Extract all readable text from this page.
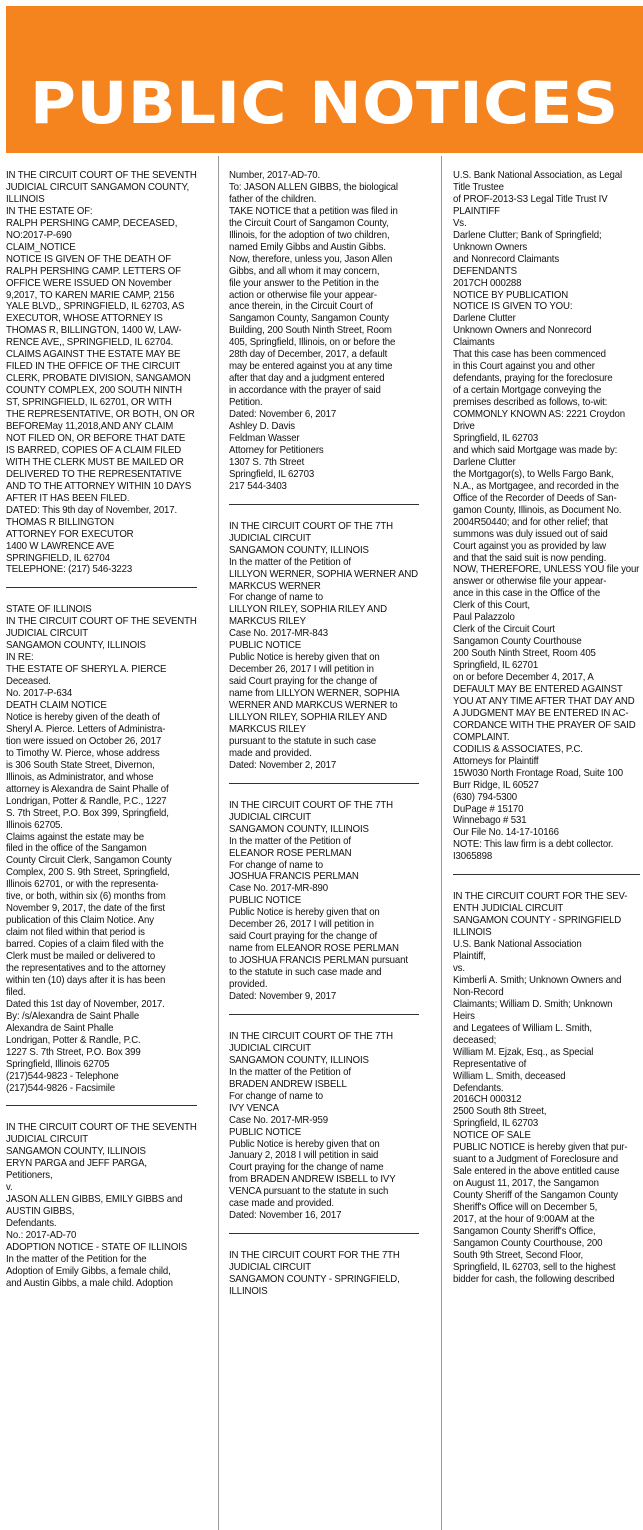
PUBLIC NOTICES

IN THE CIRCUIT COURT OF THE SEVENTH

JUDICIAL CIRCUIT SANGAMON COUNTY,

ILLINOIS

IN THE ESTATE OF:

RALPH PERSHING CAMP, DECEASED,

NO:2017-P-690

CLAIM_NOTICE

NOTICE IS GIVEN OF THE DEATH OF

RALPH PERSHING CAMP. LETTERS OF

OFFICE WERE ISSUED ON November

9,2017, TO KAREN MARIE CAMP, 2156

YALE BLVD,, SPRINGFIELD, IL 62703, AS

EXECUTOR, WHOSE ATTORNEY IS

THOMAS R, BILLINGTON, 1400 W, LAW-

RENCE AVE,, SPRINGFIELD, IL 62704.

CLAIMS AGAINST THE ESTATE MAY BE

FILED IN THE OFFICE OF THE CIRCUIT

CLERK, PROBATE DIVISION, SANGAMON

COUNTY COMPLEX, 200 SOUTH NINTH

ST, SPRINGFIELD, IL 62701, OR WITH

THE REPRESENTATIVE, OR BOTH, ON OR

BEFOREMay 11,2018,AND ANY CLAIM

NOT FILED ON, OR BEFORE THAT DATE

IS BARRED, COPIES OF A CLAIM FILED

WITH THE CLERK MUST BE MAILED OR

DELIVERED TO THE REPRESENTATIVE

AND TO THE ATTORNEY WITHIN 10 DAYS

AFTER IT HAS BEEN FILED.

DATED: This 9th day of November, 2017.

THOMAS R BILLINGTON

ATTORNEY FOR EXECUTOR

1400 W LAWRENCE AVE

SPRINGFIELD, IL 62704

TELEPHONE: (217) 546-3223

STATE OF ILLINOIS

IN THE CIRCUIT COURT OF THE SEVENTH

JUDICIAL CIRCUIT

SANGAMON COUNTY, ILLINOIS

IN RE:

THE ESTATE OF SHERYL A. PIERCE

Deceased.

No. 2017-P-634

DEATH CLAIM NOTICE

Notice is hereby given of the death of

Sheryl A. Pierce. Letters of Administra-

tion were issued on October 26, 2017

to Timothy W. Pierce, whose address

is 306 South State Street, Divernon,

Illinois, as Administrator, and whose

attorney is Alexandra de Saint Phalle of

Londrigan, Potter & Randle, P.C., 1227

S. 7th Street, P.O. Box 399, Springfield,

Illinois 62705.

Claims against the estate may be

filed in the office of the Sangamon

County Circuit Clerk, Sangamon County

Complex, 200 S. 9th Street, Springfield,

Illinois 62701, or with the representa-

tive, or both, within six (6) months from

November 9, 2017, the date of the first

publication of this Claim Notice. Any

claim not filed within that period is

barred. Copies of a claim filed with the

Clerk must be mailed or delivered to

the representatives and to the attorney

within ten (10) days after it is has been

filed.

Dated this 1st day of November, 2017.

By: /s/Alexandra de Saint Phalle

Alexandra de Saint Phalle

Londrigan, Potter & Randle, P.C.

1227 S. 7th Street, P.O. Box 399

Springfield, Illinois 62705

(217)544-9823 - Telephone

(217)544-9826 - Facsimile

IN THE CIRCUIT COURT OF THE SEVENTH

JUDICIAL CIRCUIT

SANGAMON COUNTY, ILLINOIS

ERYN PARGA and JEFF PARGA,

Petitioners,

v.

JASON ALLEN GIBBS, EMILY GIBBS and

AUSTIN GIBBS,

Defendants.

No.: 2017-AD-70

ADOPTION NOTICE - STATE OF ILLINOIS

In the matter of the Petition for the

Adoption of Emily Gibbs, a female child,

and Austin Gibbs, a male child. Adoption

Number, 2017-AD-70.

To: JASON ALLEN GIBBS, the biological

father of the children.

TAKE NOTICE that a petition was filed in

the Circuit Court of Sangamon County,

Illinois, for the adoption of two children,

named Emily Gibbs and Austin Gibbs.

Now, therefore, unless you, Jason Allen

Gibbs, and all whom it may concern,

file your answer to the Petition in the

action or otherwise file your appear-

ance therein, in the Circuit Court of

Sangamon County, Sangamon County

Building, 200 South Ninth Street, Room

405, Springfield, Illinois, on or before the

28th day of December, 2017, a default

may be entered against you at any time

after that day and a judgment entered

in accordance with the prayer of said

Petition.

Dated: November 6, 2017

Ashley D. Davis

Feldman Wasser

Attorney for Petitioners

1307 S. 7th Street

Springfield, IL 62703

217 544-3403

IN THE CIRCUIT COURT OF THE 7TH

JUDICIAL CIRCUIT

SANGAMON COUNTY, ILLINOIS

In the matter of the Petition of

LILLYON WERNER, SOPHIA WERNER AND

MARKCUS WERNER

For change of name to

LILLYON RILEY, SOPHIA RILEY AND

MARKCUS RILEY

Case No. 2017-MR-843

PUBLIC NOTICE

Public Notice is hereby given that on

December 26, 2017 I will petition in

said Court praying for the change of

name from LILLYON WERNER, SOPHIA

WERNER AND MARKCUS WERNER to

LILLYON RILEY, SOPHIA RILEY AND

MARKCUS RILEY

pursuant to the statute in such case

made and provided.

Dated: November 2, 2017

IN THE CIRCUIT COURT OF THE 7TH

JUDICIAL CIRCUIT

SANGAMON COUNTY, ILLINOIS

In the matter of the Petition of

ELEANOR ROSE PERLMAN

For change of name to

JOSHUA FRANCIS PERLMAN

Case No. 2017-MR-890

PUBLIC NOTICE

Public Notice is hereby given that on

December 26, 2017 I will petition in

said Court praying for the change of

name from ELEANOR ROSE PERLMAN

to JOSHUA FRANCIS PERLMAN pursuant

to the statute in such case made and

provided.

Dated: November 9, 2017

IN THE CIRCUIT COURT OF THE 7TH

JUDICIAL CIRCUIT

SANGAMON COUNTY, ILLINOIS

In the matter of the Petition of

BRADEN ANDREW ISBELL

For change of name to

IVY VENCA

Case No. 2017-MR-959

PUBLIC NOTICE

Public Notice is hereby given that on

January 2, 2018 I will petition in said

Court praying for the change of name

from BRADEN ANDREW ISBELL to IVY

VENCA pursuant to the statute in such

case made and provided.

Dated: November 16, 2017

IN THE CIRCUIT COURT FOR THE 7TH

JUDICIAL CIRCUIT

SANGAMON COUNTY - SPRINGFIELD,

ILLINOIS

U.S. Bank National Association, as Legal

Title Trustee

of PROF-2013-S3 Legal Title Trust IV

PLAINTIFF

Vs.

Darlene Clutter; Bank of Springfield;

Unknown Owners

and Nonrecord Claimants

DEFENDANTS

2017CH 000288

NOTICE BY PUBLICATION

NOTICE IS GIVEN TO YOU:

Darlene Clutter

Unknown Owners and Nonrecord

Claimants

That this case has been commenced

in this Court against you and other

defendants, praying for the foreclosure

of a certain Mortgage conveying the

premises described as follows, to-wit:

COMMONLY KNOWN AS: 2221 Croydon

Drive

Springfield, IL 62703

and which said Mortgage was made by:

Darlene Clutter

the Mortgagor(s), to Wells Fargo Bank,

N.A., as Mortgagee, and recorded in the

Office of the Recorder of Deeds of San-

gamon County, Illinois, as Document No.

2004R50440; and for other relief; that

summons was duly issued out of said

Court against you as provided by law

and that the said suit is now pending.

NOW, THEREFORE, UNLESS YOU file your

answer or otherwise file your appear-

ance in this case in the Office of the

Clerk of this Court,

Paul Palazzolo

Clerk of the Circuit Court

Sangamon County Courthouse

200 South Ninth Street, Room 405

Springfield, IL 62701

on or before December 4, 2017, A

DEFAULT MAY BE ENTERED AGAINST

YOU AT ANY TIME AFTER THAT DAY AND

A JUDGMENT MAY BE ENTERED IN AC-

CORDANCE WITH THE PRAYER OF SAID

COMPLAINT.

CODILIS & ASSOCIATES, P.C.

Attorneys for Plaintiff

15W030 North Frontage Road, Suite 100

Burr Ridge, IL 60527

(630) 794-5300

DuPage # 15170

Winnebago # 531

Our File No. 14-17-10166

NOTE: This law firm is a debt collector.

I3065898

IN THE CIRCUIT COURT FOR THE SEV-

ENTH JUDICIAL CIRCUIT

SANGAMON COUNTY - SPRINGFIELD

ILLINOIS

U.S. Bank National Association

Plaintiff,

vs.

Kimberli A. Smith; Unknown Owners and

Non-Record

Claimants; William D. Smith; Unknown

Heirs

and Legatees of William L. Smith,

deceased;

William M. Ejzak, Esq., as Special

Representative of

William L. Smith, deceased

Defendants.

2016CH 000312

2500 South 8th Street,

Springfield, IL 62703

NOTICE OF SALE

PUBLIC NOTICE is hereby given that pur-

suant to a Judgment of Foreclosure and

Sale entered in the above entitled cause

on August 11, 2017, the Sangamon

County Sheriff of the Sangamon County

Sheriff's Office will on December 5,

2017, at the hour of 9:00AM at the

Sangamon County Sheriff's Office,

Sangamon County Courthouse, 200

South 9th Street, Second Floor,

Springfield, IL 62703, sell to the highest

bidder for cash, the following described
